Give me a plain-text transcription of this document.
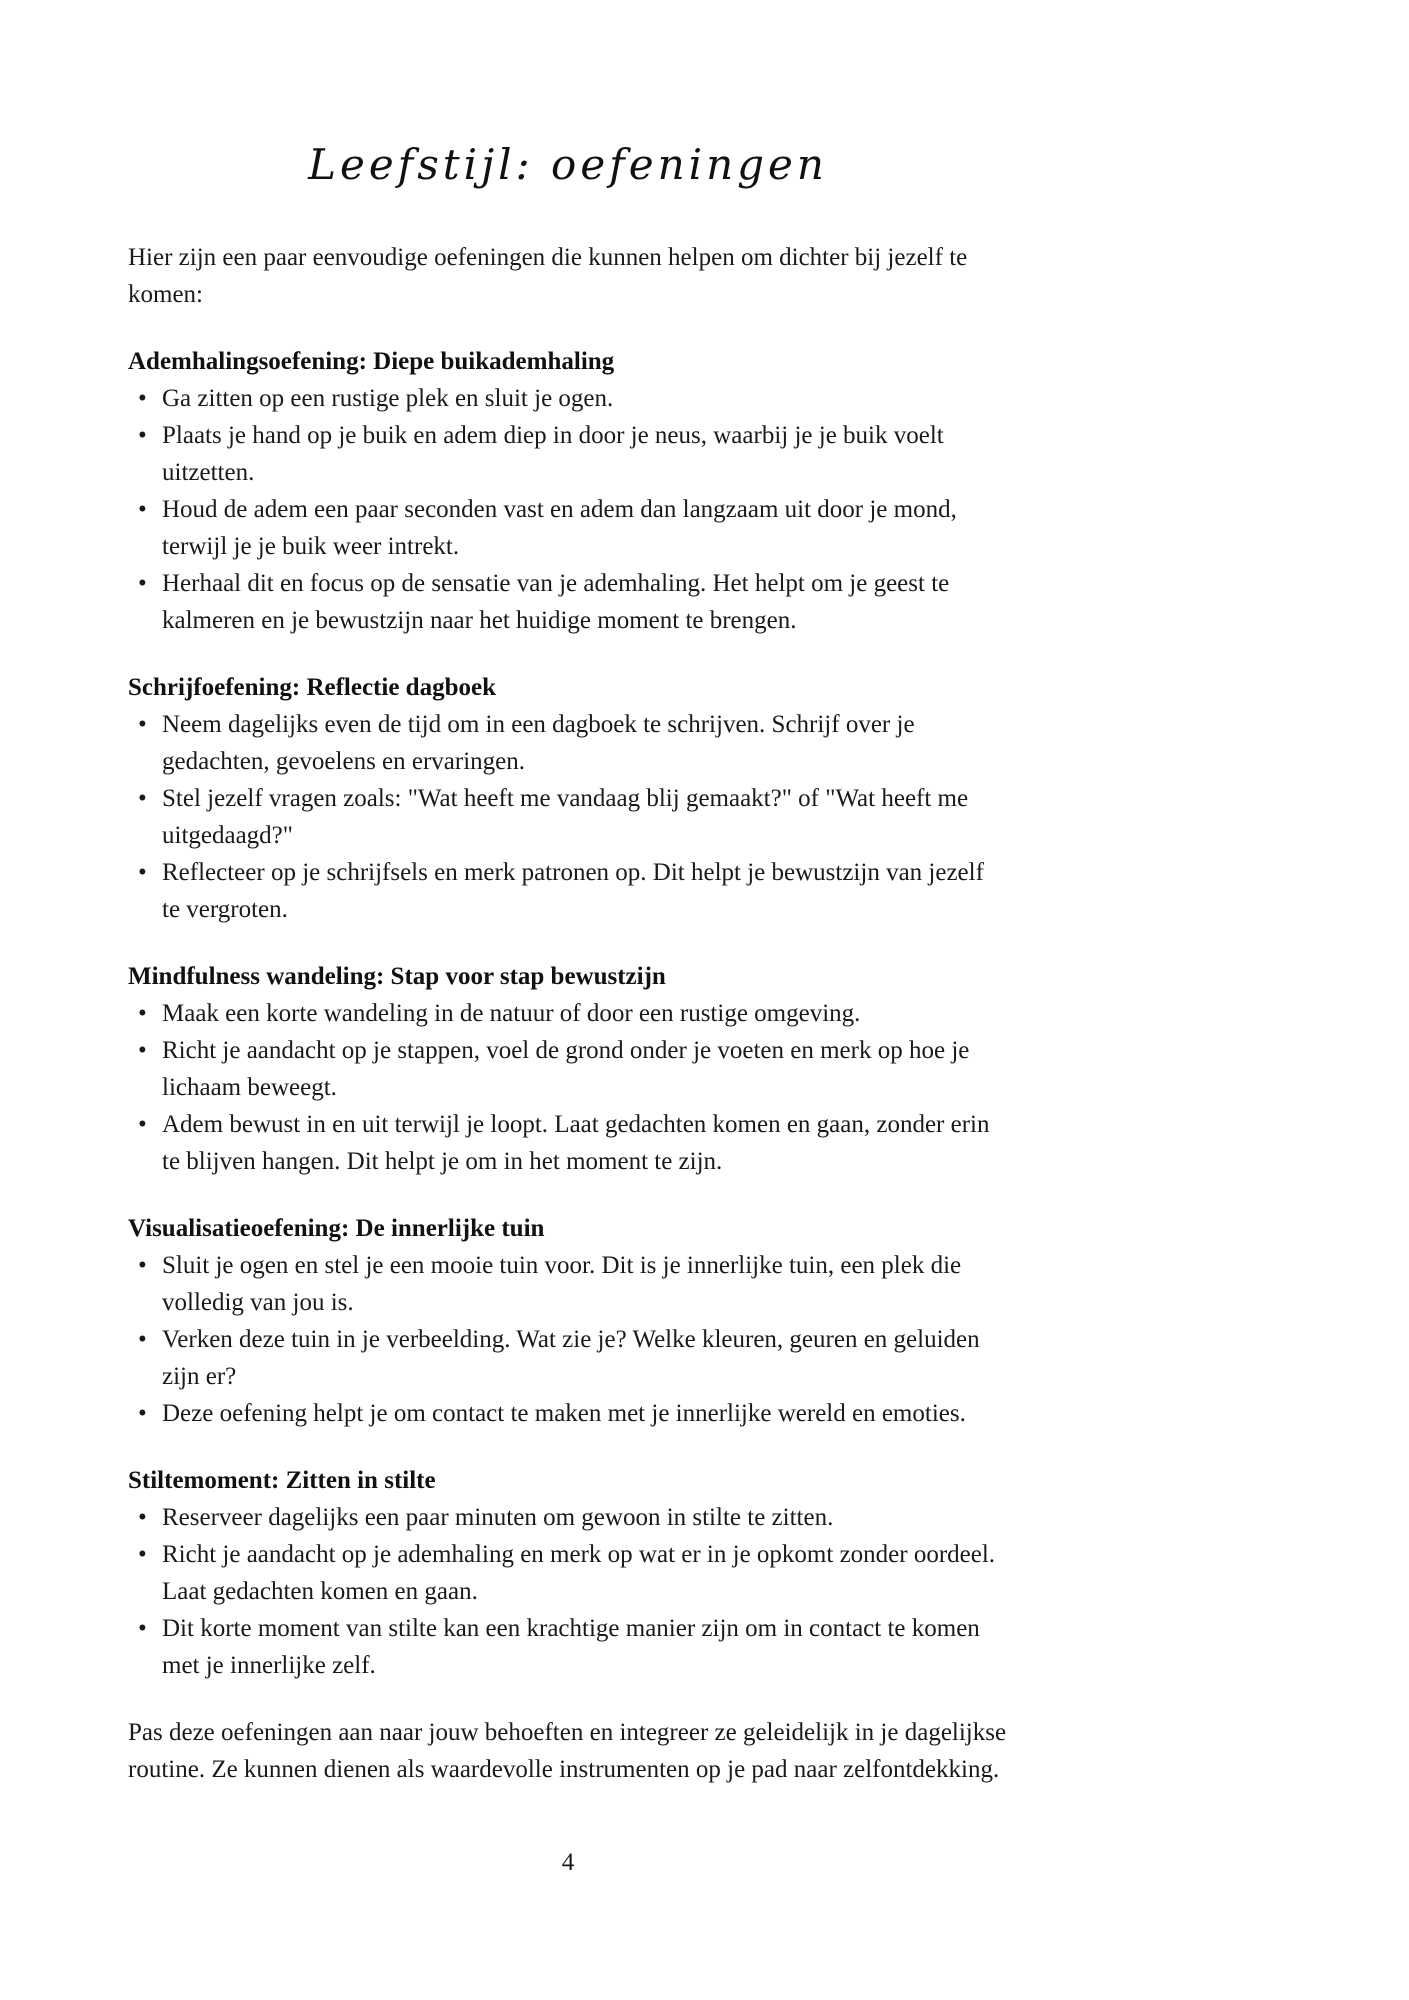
Leefstijl: oefeningen

Hier zijn een paar eenvoudige oefeningen die kunnen helpen om dichter bij jezelf te komen:

Ademhalingsoefening: Diepe buikademhaling
• Ga zitten op een rustige plek en sluit je ogen.
• Plaats je hand op je buik en adem diep in door je neus, waarbij je je buik voelt uitzetten.
• Houd de adem een paar seconden vast en adem dan langzaam uit door je mond, terwijl je je buik weer intrekt.
• Herhaal dit en focus op de sensatie van je ademhaling. Het helpt om je geest te kalmeren en je bewustzijn naar het huidige moment te brengen.
Schrijfoefening: Reflectie dagboek
• Neem dagelijks even de tijd om in een dagboek te schrijven. Schrijf over je gedachten, gevoelens en ervaringen.
• Stel jezelf vragen zoals: "Wat heeft me vandaag blij gemaakt?" of "Wat heeft me uitgedaagd?"
• Reflecteer op je schrijfsels en merk patronen op. Dit helpt je bewustzijn van jezelf te vergroten.
Mindfulness wandeling: Stap voor stap bewustzijn
• Maak een korte wandeling in de natuur of door een rustige omgeving.
• Richt je aandacht op je stappen, voel de grond onder je voeten en merk op hoe je lichaam beweegt.
• Adem bewust in en uit terwijl je loopt. Laat gedachten komen en gaan, zonder erin te blijven hangen. Dit helpt je om in het moment te zijn.
Visualisatieoefening: De innerlijke tuin
• Sluit je ogen en stel je een mooie tuin voor. Dit is je innerlijke tuin, een plek die volledig van jou is.
• Verken deze tuin in je verbeelding. Wat zie je? Welke kleuren, geuren en geluiden zijn er?
• Deze oefening helpt je om contact te maken met je innerlijke wereld en emoties.
Stiltemoment: Zitten in stilte
• Reserveer dagelijks een paar minuten om gewoon in stilte te zitten.
• Richt je aandacht op je ademhaling en merk op wat er in je opkomt zonder oordeel. Laat gedachten komen en gaan.
• Dit korte moment van stilte kan een krachtige manier zijn om in contact te komen met je innerlijke zelf.

Pas deze oefeningen aan naar jouw behoeften en integreer ze geleidelijk in je dagelijkse routine. Ze kunnen dienen als waardevolle instrumenten op je pad naar zelfontdekking.

4
